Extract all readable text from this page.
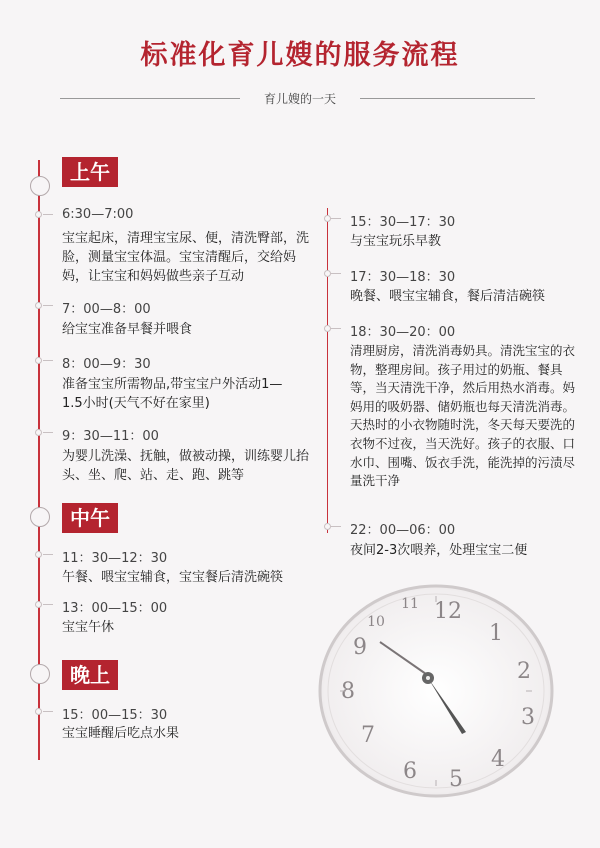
标准化育儿嫂的服务流程
育儿嫂的一天
上午
6:30—7:00
宝宝起床，清理宝宝尿、便，清洗臀部，洗脸，测量宝宝体温。宝宝清醒后，交给妈妈，让宝宝和妈妈做些亲子互动
7：00—8：00
给宝宝准备早餐并喂食
8：00—9：30
准备宝宝所需物品,带宝宝户外活动1—1.5小时(天气不好在家里)
9：30—11：00
为婴儿洗澡、抚触，做被动操，训练婴儿抬头、坐、爬、站、走、跑、跳等
中午
11：30—12：30
午餐、喂宝宝辅食，宝宝餐后清洗碗筷
13：00—15：00
宝宝午休
晚上
15：00—15：30
宝宝睡醒后吃点水果
15：30—17：30
与宝宝玩乐早教
17：30—18：30
晚餐、喂宝宝辅食，餐后清洁碗筷
18：30—20：00
清理厨房，清洗消毒奶具。清洗宝宝的衣物，整理房间。孩子用过的奶瓶、餐具等，当天清洗干净，然后用热水消毒。妈妈用的吸奶器、储奶瓶也每天清洗消毒。天热时的小衣物随时洗，冬天每天要洗的衣物不过夜，当天洗好。孩子的衣服、口水巾、围嘴、饭衣手洗，能洗掉的污渍尽量洗干净
22：00—06：00
夜间2-3次喂养，处理宝宝二便
12
1
2
3
4
5
6
7
8
9
10
11
